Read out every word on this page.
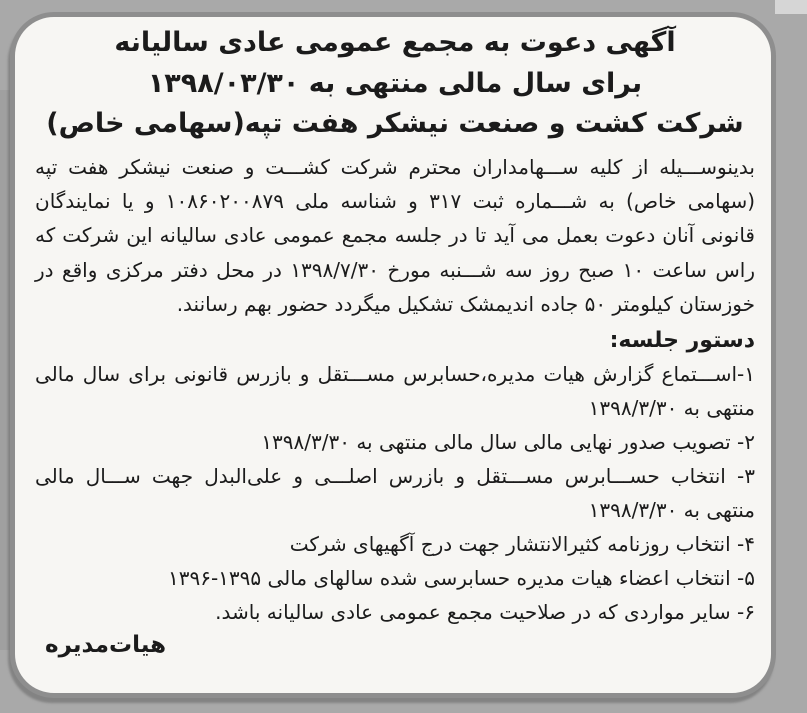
آگهی دعوت به مجمع عمومی عادی سالیانه
برای سال مالی منتهی به ۱۳۹۸/۰۳/۳۰
شرکت کشت و صنعت نیشکر هفت تپه(سهامی خاص)
بدینوســـیله از کلیه ســـهامداران محترم شرکت کشـــت و صنعت نیشکر هفت تپه (سهامی خاص) به شـــماره ثبت ۳۱۷ و شناسه ملی ۱۰۸۶۰۲۰۰۸۷۹ و یا نمایندگان قانونی آنان دعوت بعمل می آید تا در جلسه مجمع عمومی عادی سالیانه این شرکت که راس ساعت ۱۰ صبح روز سه شـــنبه مورخ ۱۳۹۸/۷/۳۰ در محل دفتر مرکزی واقع در خوزستان کیلومتر ۵۰ جاده اندیمشک تشکیل میگردد حضور بهم رسانند.
دستور جلسه:
۱-اســـتماع گزارش هیات مدیره،حسابرس مســـتقل و بازرس قانونی برای سال مالی منتهی به ۱۳۹۸/۳/۳۰
۲- تصویب صدور نهایی مالی سال مالی منتهی به ۱۳۹۸/۳/۳۰
۳- انتخاب حســـابرس مســـتقل و بازرس اصلـــی و علی‌البدل جهت ســـال مالی منتهی به ۱۳۹۸/۳/۳۰
۴- انتخاب روزنامه کثیرالانتشار جهت درج آگهیهای شرکت
۵- انتخاب اعضاء هیات مدیره حسابرسی شده سالهای مالی ۱۳۹۵-۱۳۹۶
۶- سایر مواردی که در صلاحیت مجمع عمومی عادی سالیانه باشد.
هیات‌مدیره
